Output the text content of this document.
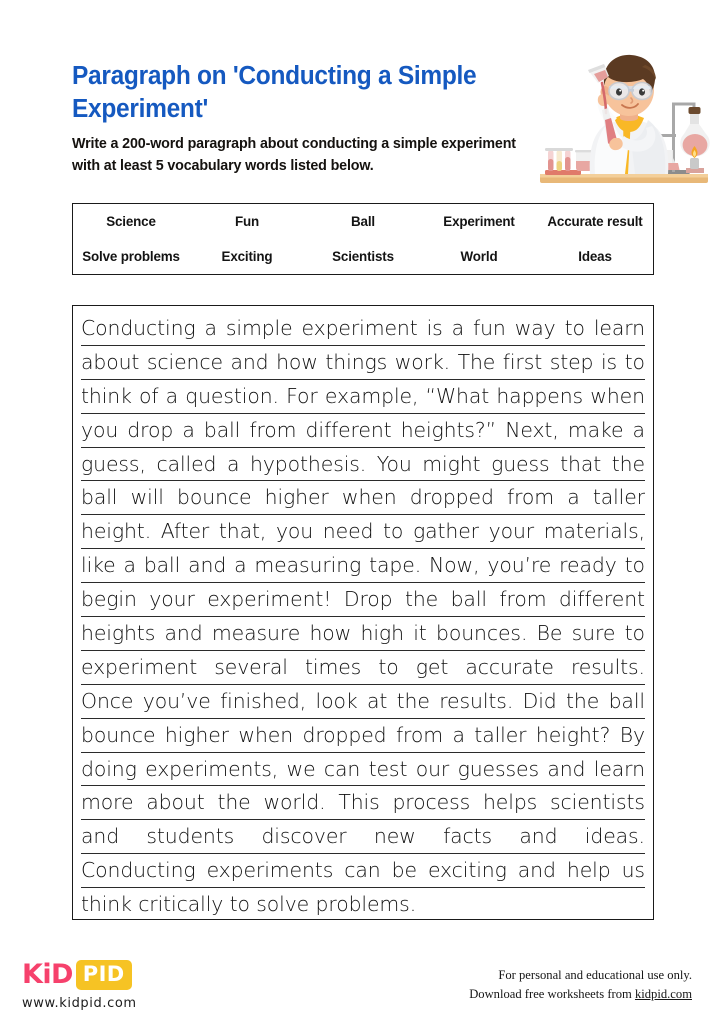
Paragraph on 'Conducting a Simple Experiment'
Write a 200-word paragraph about conducting a simple experiment with at least 5 vocabulary words listed below.
Science	Fun	Ball	Experiment	Accurate result
Solve problems	Exciting	Scientists	World	Ideas
Conducting a simple experiment is a fun way to learn
about science and how things work. The first step is to
think of a question. For example, “What happens when
you drop a ball from different heights?” Next, make a
guess, called a hypothesis. You might guess that the
ball will bounce higher when dropped from a taller
height. After that, you need to gather your materials,
like a ball and a measuring tape. Now, you’re ready to
begin your experiment! Drop the ball from different
heights and measure how high it bounces. Be sure to
experiment several times to get accurate results.
Once you’ve finished, look at the results. Did the ball
bounce higher when dropped from a taller height? By
doing experiments, we can test our guesses and learn
more about the world. This process helps scientists
and students discover new facts and ideas.
Conducting experiments can be exciting and help us
think critically to solve problems.
KiD PID
www.kidpid.com
For personal and educational use only.
Download free worksheets from kidpid.com
